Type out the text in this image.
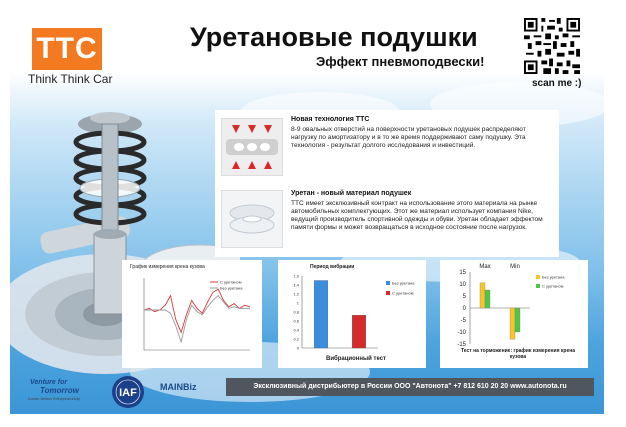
TTC
Think Think Car
Уретановые подушки
Эффект пневмоподвески!
scan me :)
Новая технология TTC
8-9 овальных отверстий на поверхности уретановых подушек распределяют нагрузку по амортизатору и в то же время поддерживают саму подушку. Эта технология - результат долгого исследования и инвестиций.
Уретан - новый материал подушек
TTC имеет эксклюзивный контракт на использование этого материала на рынке автомобильных комплектующих. Этот же материал использует компания Nike, ведущий производитель спортивной одежды и обуви. Уретан обладает эффектом памяти формы и может возвращаться в исходное состояние после нагрузок.
График измерения крена кузова
С уретаном
Без уретана
Период вибрации
Вибрационный тест
0
0.2
0.4
0.6
0.8
1
1.2
1.4
1.6
Без уретана
С уретаном
Тест на торможение: график измерения крена кузова
-15
-10
-5
0
5
10
15
Max	Min
Без уретана
С уретаном
Venture for
Tomorrow
Korean Venture Entrepreneurship	IAF	MAINBiz	Эксклюзивный дистрибьютер в России ООО "Автонота" +7 812 610 20 20 www.autonota.ru
